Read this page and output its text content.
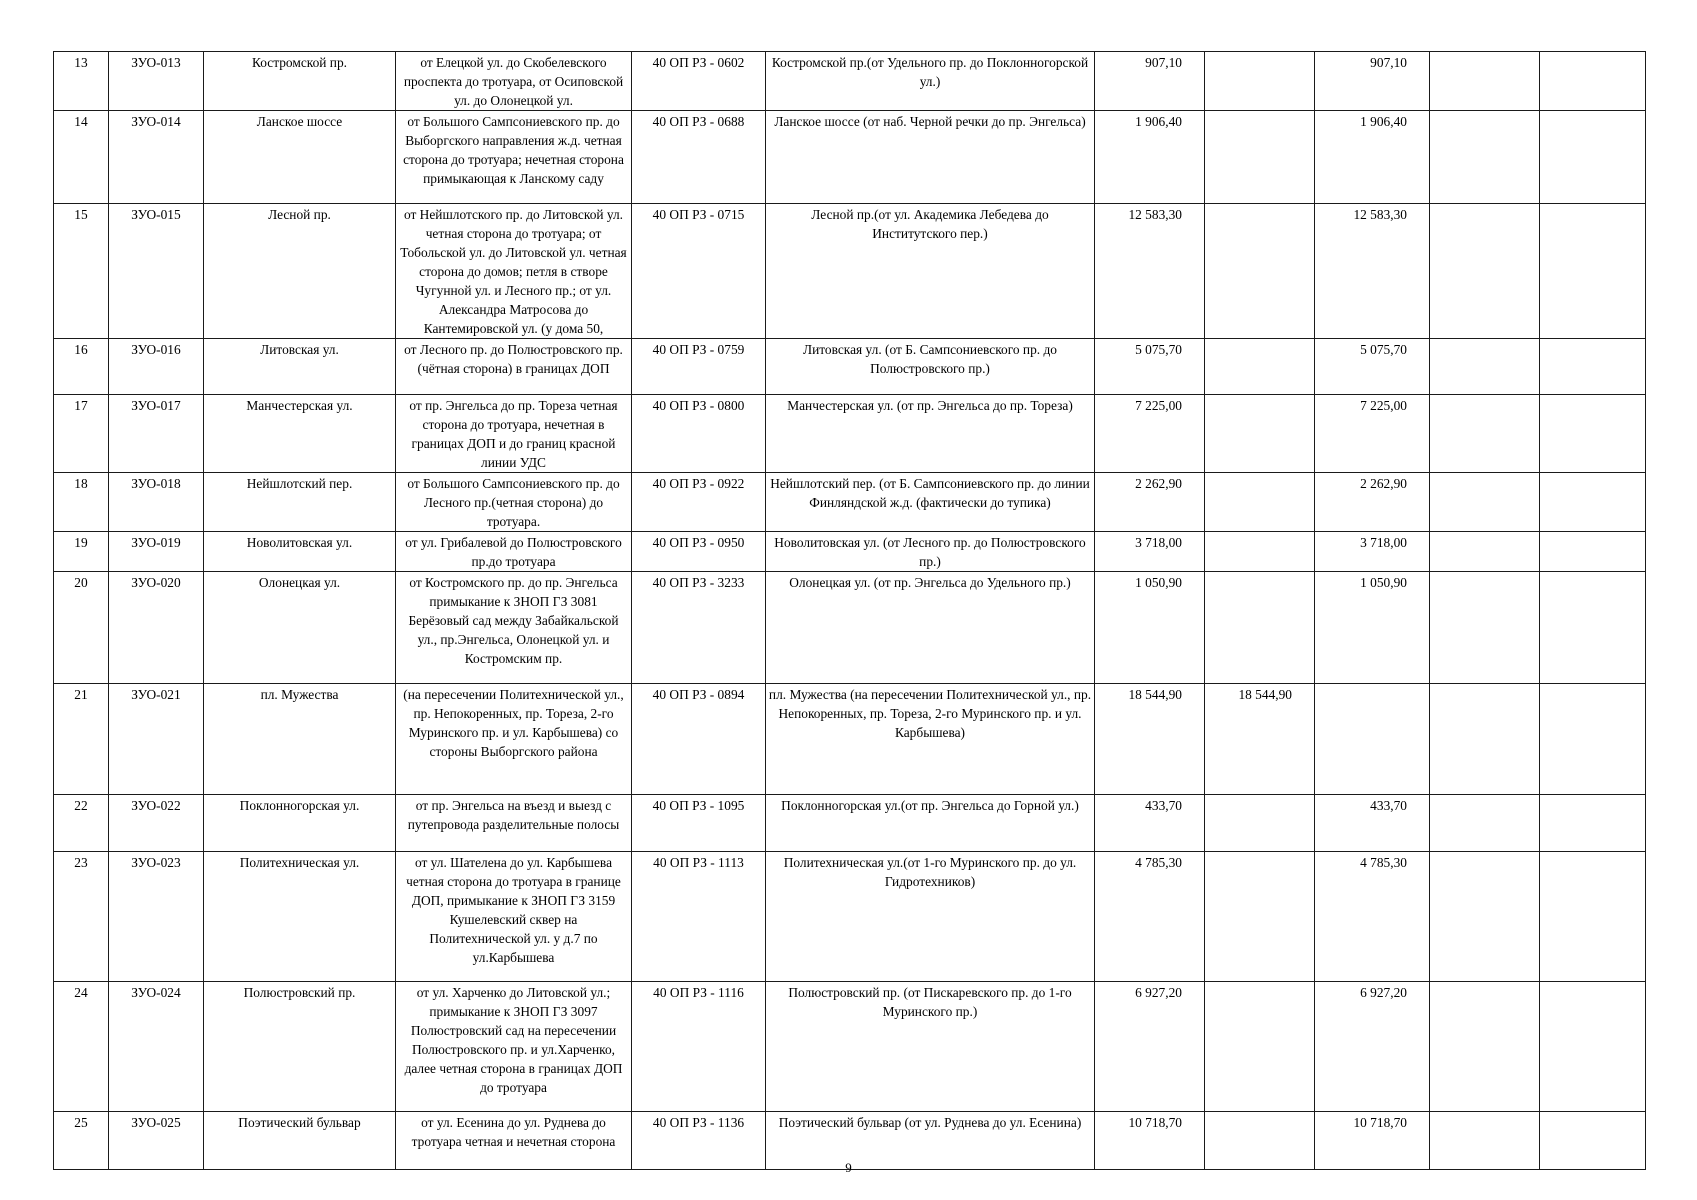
13	ЗУО-013	Костромской пр.	от Елецкой ул. до Скобелевского проспекта до тротуара, от Осиповской ул. до Олонецкой ул.	40 ОП РЗ - 0602	Костромской пр.(от Удельного пр. до Поклонногорской ул.)	907,10		907,10		
14	ЗУО-014	Ланское шоссе	от Большого Сампсониевского пр. до Выборгского направления ж.д. четная сторона до тротуара; нечетная сторона примыкающая к Ланскому саду	40 ОП РЗ - 0688	Ланское шоссе (от наб. Черной речки до пр. Энгельса)	1 906,40		1 906,40		
15	ЗУО-015	Лесной пр.	от Нейшлотского пр. до Литовской ул. четная сторона до тротуара; от Тобольской ул. до Литовской ул. четная сторона до домов; петля в створе Чугунной ул. и Лесного пр.; от ул. Александра Матросова до Кантемировской ул. (у дома 50,	40 ОП РЗ - 0715	Лесной пр.(от ул. Академика Лебедева до Институтского пер.)	12 583,30		12 583,30		
16	ЗУО-016	Литовская ул.	от Лесного пр. до Полюстровского пр. (чётная сторона) в границах ДОП	40 ОП РЗ - 0759	Литовская ул. (от Б. Сампсониевского пр. до Полюстровского пр.)	5 075,70		5 075,70		
17	ЗУО-017	Манчестерская ул.	от пр. Энгельса до пр. Тореза четная сторона до тротуара, нечетная в границах ДОП и до границ красной линии УДС	40 ОП РЗ - 0800	Манчестерская ул. (от пр. Энгельса до пр. Тореза)	7 225,00		7 225,00		
18	ЗУО-018	Нейшлотский пер.	от Большого Сампсониевского пр. до Лесного пр.(четная сторона) до тротуара.	40 ОП РЗ - 0922	Нейшлотский пер. (от Б. Сампсониевского пр. до линии Финляндской ж.д. (фактически до тупика)	2 262,90		2 262,90		
19	ЗУО-019	Новолитовская ул.	от ул. Грибалевой до Полюстровского пр.до тротуара	40 ОП РЗ - 0950	Новолитовская ул. (от Лесного пр. до Полюстровского пр.)	3 718,00		3 718,00		
20	ЗУО-020	Олонецкая ул.	от Костромского пр. до пр. Энгельса примыкание к ЗНОП ГЗ 3081 Берёзовый сад между Забайкальской ул., пр.Энгельса, Олонецкой ул. и Костромским пр.	40 ОП РЗ - 3233	Олонецкая ул. (от пр. Энгельса до Удельного пр.)	1 050,90		1 050,90		
21	ЗУО-021	пл. Мужества	(на пересечении Политехнической ул., пр. Непокоренных, пр. Тореза, 2-го Муринского пр. и ул. Карбышева) со стороны Выборгского района	40 ОП РЗ - 0894	пл. Мужества (на пересечении Политехнической ул., пр. Непокоренных, пр. Тореза, 2-го Муринского пр. и ул. Карбышева)	18 544,90	18 544,90			
22	ЗУО-022	Поклонногорская ул.	от пр. Энгельса на въезд и выезд с путепровода разделительные полосы	40 ОП РЗ - 1095	Поклонногорская ул.(от пр. Энгельса до Горной ул.)	433,70		433,70		
23	ЗУО-023	Политехническая ул.	от ул. Шателена до ул. Карбышева четная сторона до тротуара в границе ДОП, примыкание к ЗНОП ГЗ 3159 Кушелевский сквер на Политехнической ул. у д.7 по ул.Карбышева	40 ОП РЗ - 1113	Политехническая ул.(от 1-го Муринского пр. до ул. Гидротехников)	4 785,30		4 785,30		
24	ЗУО-024	Полюстровский пр.	от ул. Харченко до Литовской ул.; примыкание к ЗНОП ГЗ 3097 Полюстровский сад на пересечении Полюстровского пр. и ул.Харченко, далее четная сторона в границах ДОП до тротуара	40 ОП РЗ - 1116	Полюстровский пр. (от Пискаревского пр. до 1-го Муринского пр.)	6 927,20		6 927,20		
25	ЗУО-025	Поэтический бульвар	от ул. Есенина до ул. Руднева до тротуара четная и нечетная сторона	40 ОП РЗ - 1136	Поэтический бульвар (от ул. Руднева до ул. Есенина)	10 718,70		10 718,70		
9
